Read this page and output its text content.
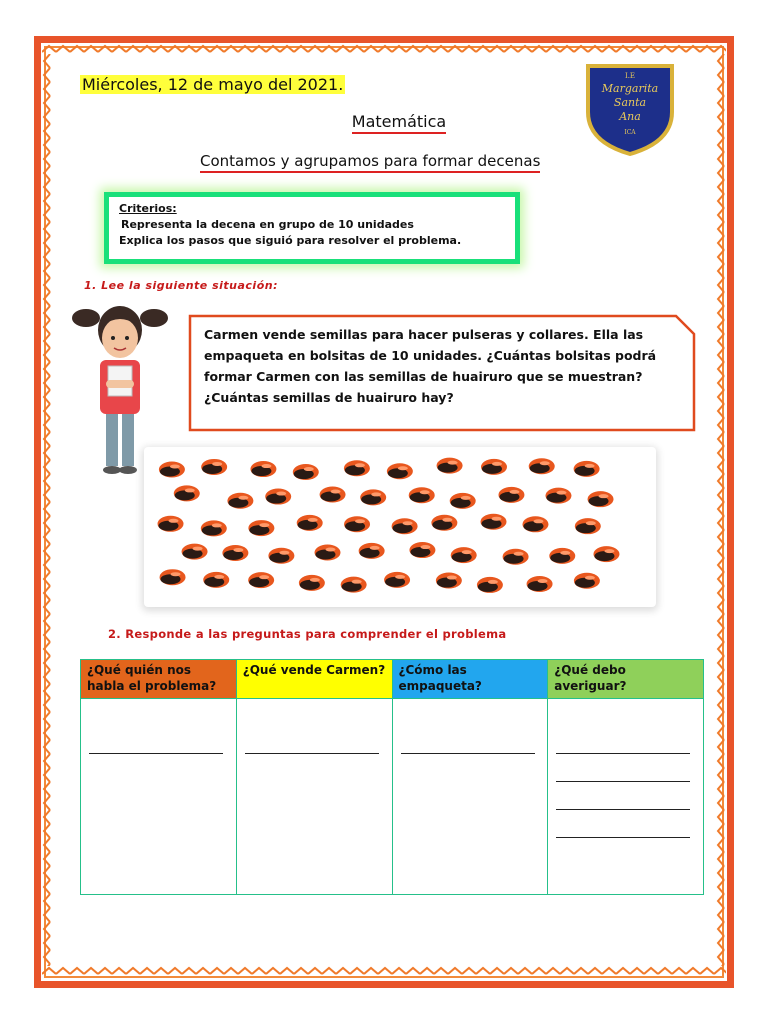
Miércoles, 12 de mayo del 2021.	I.E
Margarita
Santa
Ana
ICA
Matemática
Contamos y agrupamos para formar decenas
Criterios:
Representa la decena en grupo de 10 unidades
Explica los pasos que siguió para resolver el problema.
1. Lee la siguiente situación:
Carmen vende semillas para hacer pulseras y collares. Ella las empaqueta en bolsitas de 10 unidades. ¿Cuántas bolsitas podrá formar Carmen con las semillas de huairuro que se muestran? ¿Cuántas semillas de huairuro hay?
2. Responde a las preguntas para comprender el problema
¿Qué quién nos habla el problema?	¿Qué vende Carmen?	¿Cómo las empaqueta?	¿Qué debo averiguar?
